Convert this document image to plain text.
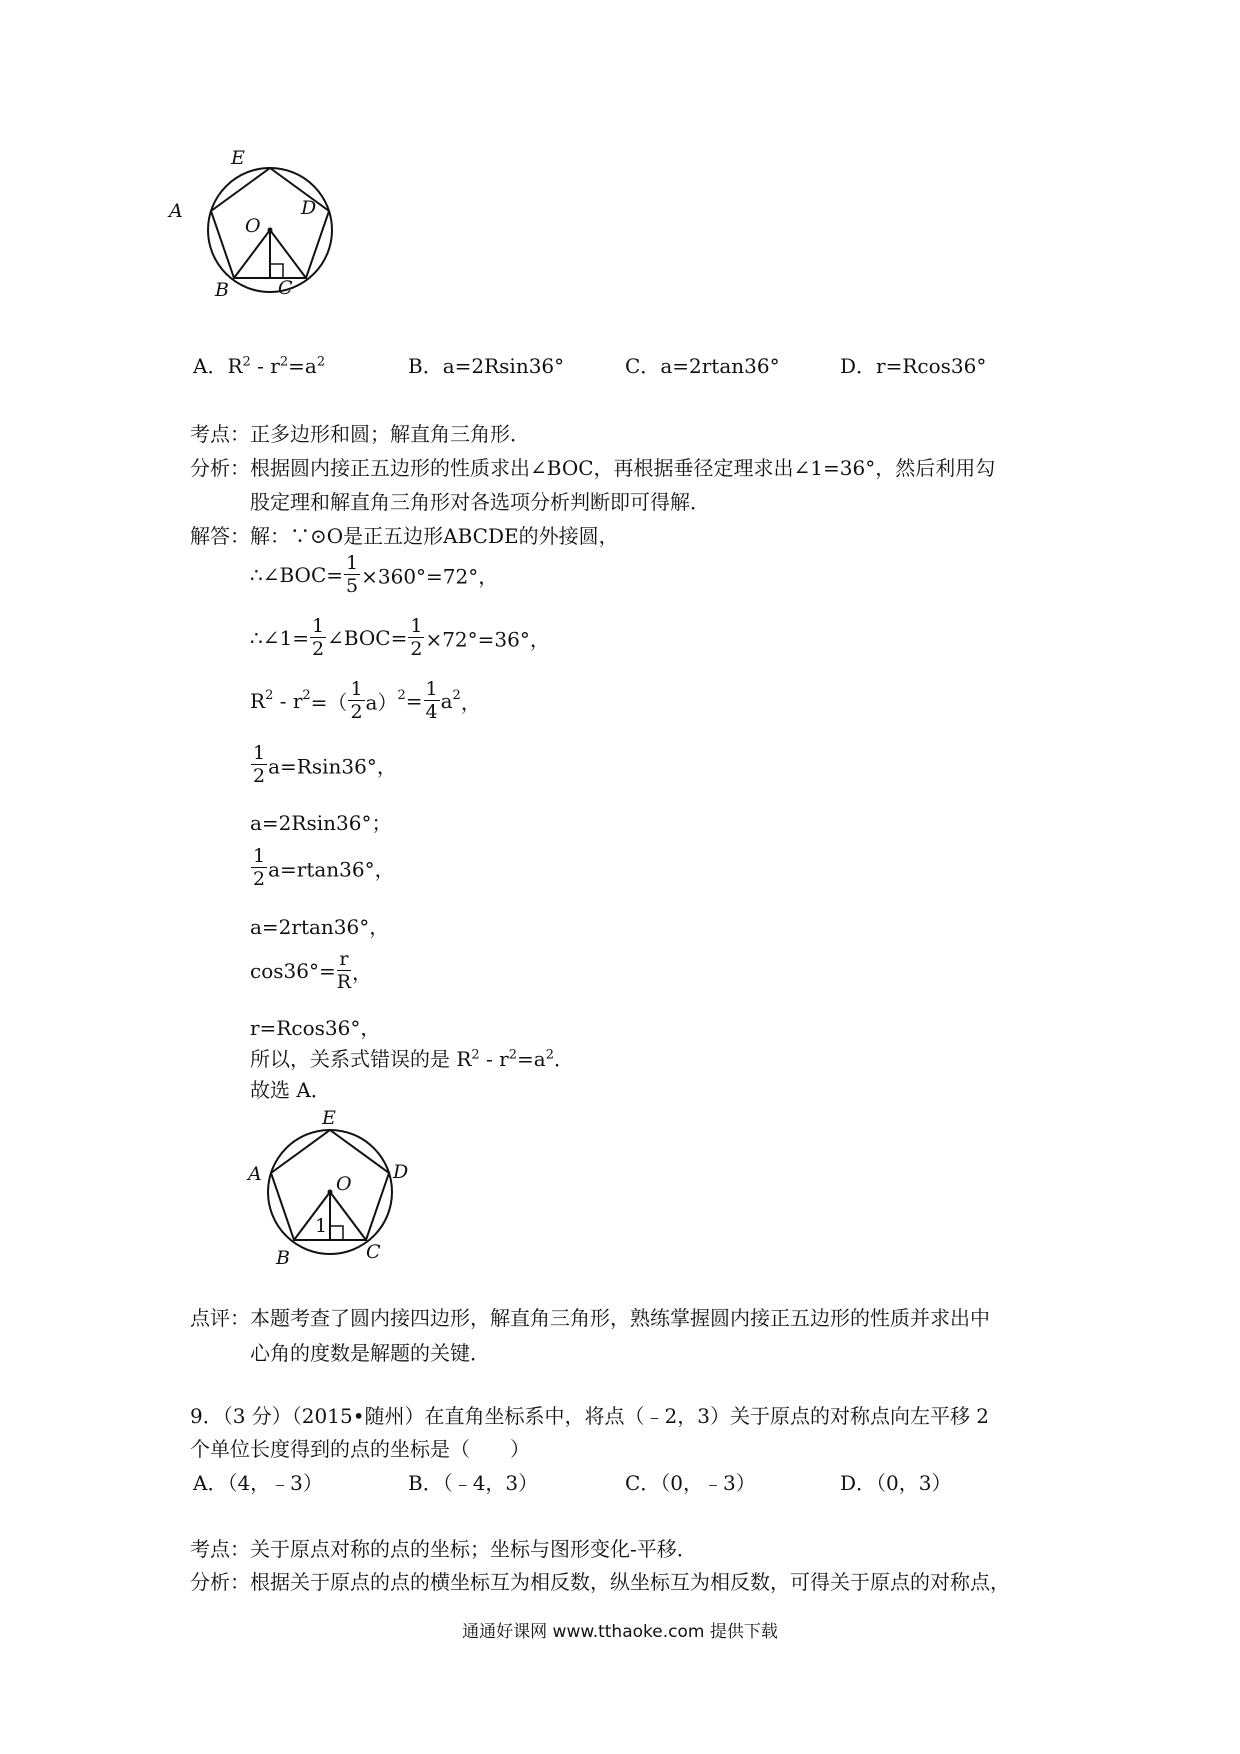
E
A	D
O
B	C
A．$R^2 - r^2=a^2$	B．a=2Rsin36°	C．a=2rtan36°	D．r=Rcos36°
考点：正多边形和圆；解直角三角形．
分析：根据圆内接正五边形的性质求出∠BOC，再根据垂径定理求出∠1=36°，然后利用勾
股定理和解直角三角形对各选项分析判断即可得解．
解答：解：∵⊙O是正五边形ABCDE的外接圆，
∴∠BOC= $\frac{1}{5} \times 360^\circ=72^\circ$，
∴∠1= $\frac{1}{2}$ ∠BOC= $\frac{1}{2} \times 72^\circ=36^\circ$，
$R^2 - r^2=( \frac{1}{2} a)^2= \frac{1}{4} a^2$，
$\frac{1}{2} a=Rsin36^\circ$，
a=2Rsin36°；
$\frac{1}{2} a=rtan36^\circ$，
a=2rtan36°，
$\cos 36^\circ= \frac{r}{R}$ ，
r=Rcos36°，
所以，关系式错误的是 $R^2 - r^2=a^2$．
故选 A．
E
A	D
O
B	C
1
点评：本题考查了圆内接四边形，解直角三角形，熟练掌握圆内接正五边形的性质并求出中
心角的度数是解题的关键．
9．（3 分）（2015•随州）在直角坐标系中，将点（﹣2，3）关于原点的对称点向左平移 2
个单位长度得到的点的坐标是（　　）
A．（4，﹣3）	B．（﹣4，3）	C．（0，﹣3）	D．（0，3）
考点：关于原点对称的点的坐标；坐标与图形变化-平移．
分析：根据关于原点的点的横坐标互为相反数，纵坐标互为相反数，可得关于原点的对称点，
通通好课网 www.tthaoke.com 提供下载
